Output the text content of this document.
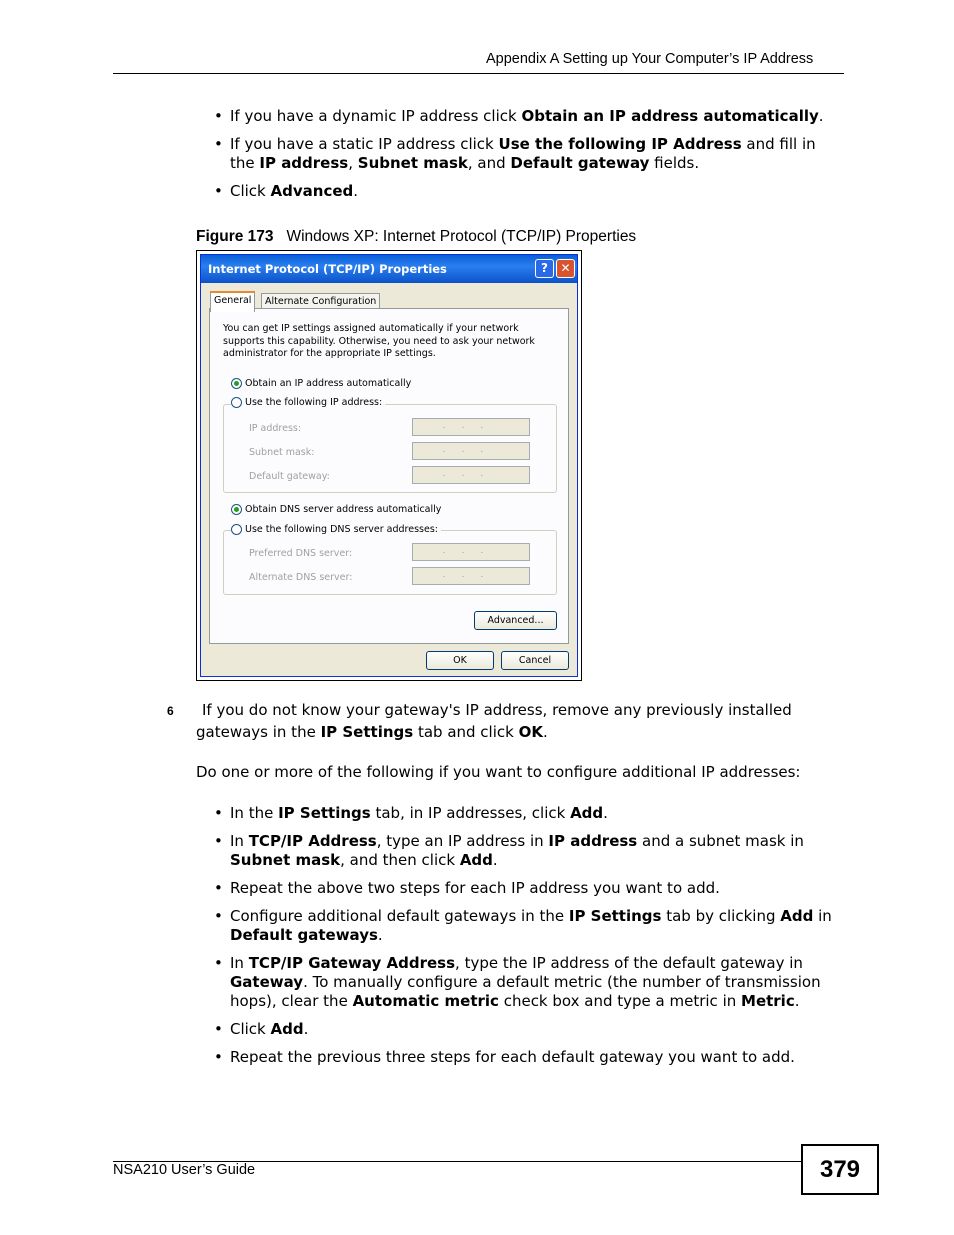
Appendix A Setting up Your Computer’s IP Address
• If you have a dynamic IP address click Obtain an IP address automatically.
• If you have a static IP address click Use the following IP Address and fill in the IP address, Subnet mask, and Default gateway fields.
• Click Advanced.
Figure 173 Windows XP: Internet Protocol (TCP/IP) Properties
Internet Protocol (TCP/IP) Properties	?	✕
General	Alternate Configuration
You can get IP settings assigned automatically if your network supports this capability. Otherwise, you need to ask your network administrator for the appropriate IP settings.
Obtain an IP address automatically
IP address:	...
Subnet mask:	...
Default gateway:	...
Use the following IP address:
Obtain DNS server address automatically
Preferred DNS server:	...
Alternate DNS server:	...
Use the following DNS server addresses:
Advanced...
OK	Cancel
6	If you do not know your gateway's IP address, remove any previously installed gateways in the IP Settings tab and click OK.
Do one or more of the following if you want to configure additional IP addresses:
• In the IP Settings tab, in IP addresses, click Add.
• In TCP/IP Address, type an IP address in IP address and a subnet mask in Subnet mask, and then click Add.
• Repeat the above two steps for each IP address you want to add.
• Configure additional default gateways in the IP Settings tab by clicking Add in Default gateways.
• In TCP/IP Gateway Address, type the IP address of the default gateway in Gateway. To manually configure a default metric (the number of transmission hops), clear the Automatic metric check box and type a metric in Metric.
• Click Add.
• Repeat the previous three steps for each default gateway you want to add.
NSA210 User’s Guide	379
